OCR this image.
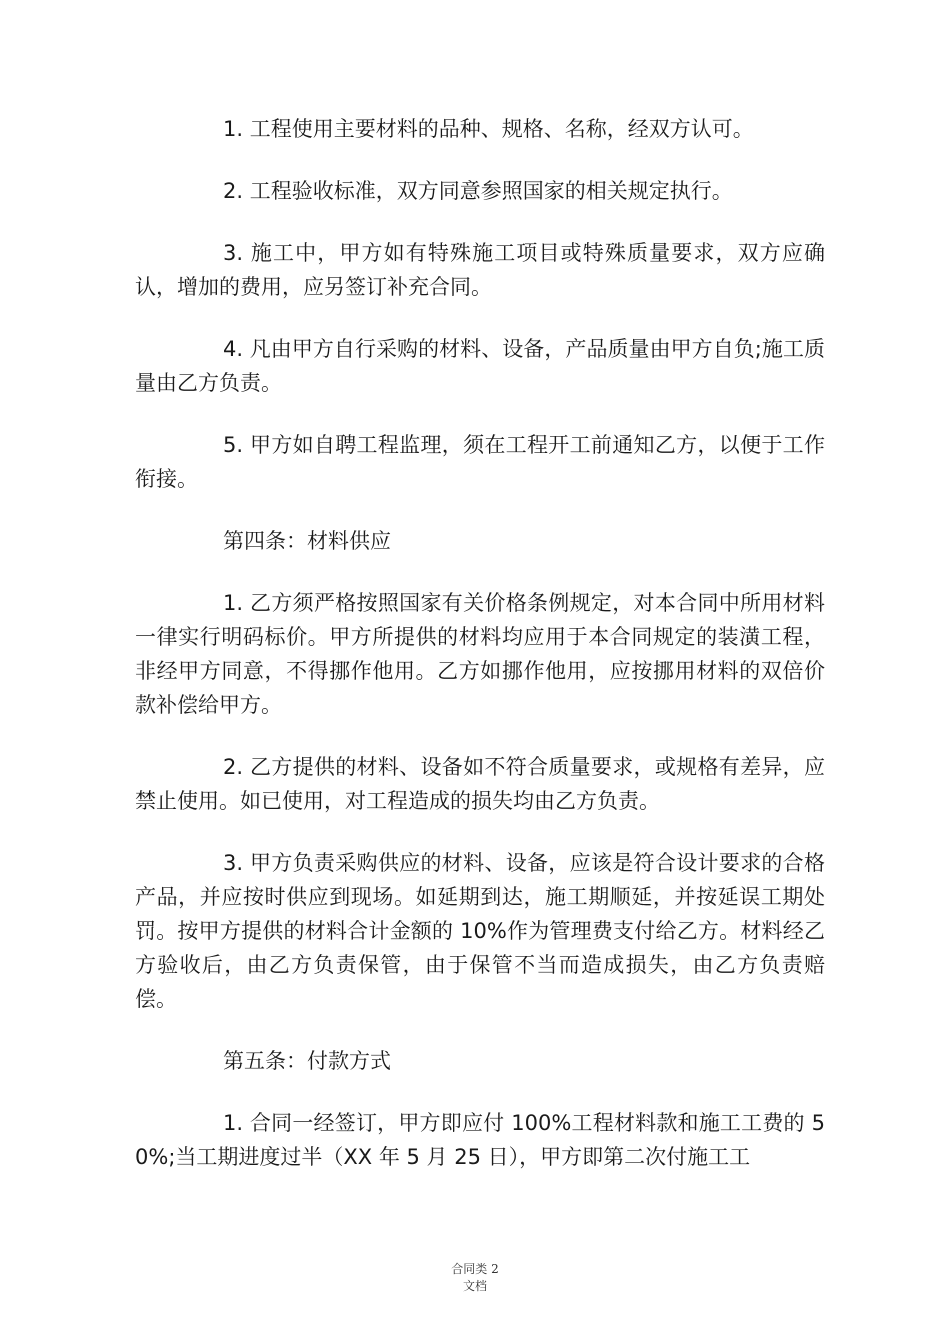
1. 工程使用主要材料的品种、规格、名称，经双方认可。

2. 工程验收标准，双方同意参照国家的相关规定执行。

3. 施工中，甲方如有特殊施工项目或特殊质量要求，双方应确认，增加的费用，应另签订补充合同。

4. 凡由甲方自行采购的材料、设备，产品质量由甲方自负;施工质量由乙方负责。

5. 甲方如自聘工程监理，须在工程开工前通知乙方，以便于工作衔接。

第四条：材料供应

1. 乙方须严格按照国家有关价格条例规定，对本合同中所用材料一律实行明码标价。甲方所提供的材料均应用于本合同规定的装潢工程，非经甲方同意，不得挪作他用。乙方如挪作他用，应按挪用材料的双倍价款补偿给甲方。

2. 乙方提供的材料、设备如不符合质量要求，或规格有差异，应禁止使用。如已使用，对工程造成的损失均由乙方负责。

3. 甲方负责采购供应的材料、设备，应该是符合设计要求的合格产品，并应按时供应到现场。如延期到达，施工期顺延，并按延误工期处罚。按甲方提供的材料合计金额的 10%作为管理费支付给乙方。材料经乙方验收后，由乙方负责保管，由于保管不当而造成损失，由乙方负责赔偿。

第五条：付款方式

1. 合同一经签订，甲方即应付 100%工程材料款和施工工费的 50%;当工期进度过半（XX 年 5 月 25 日），甲方即第二次付施工工

合同类 2
文档
